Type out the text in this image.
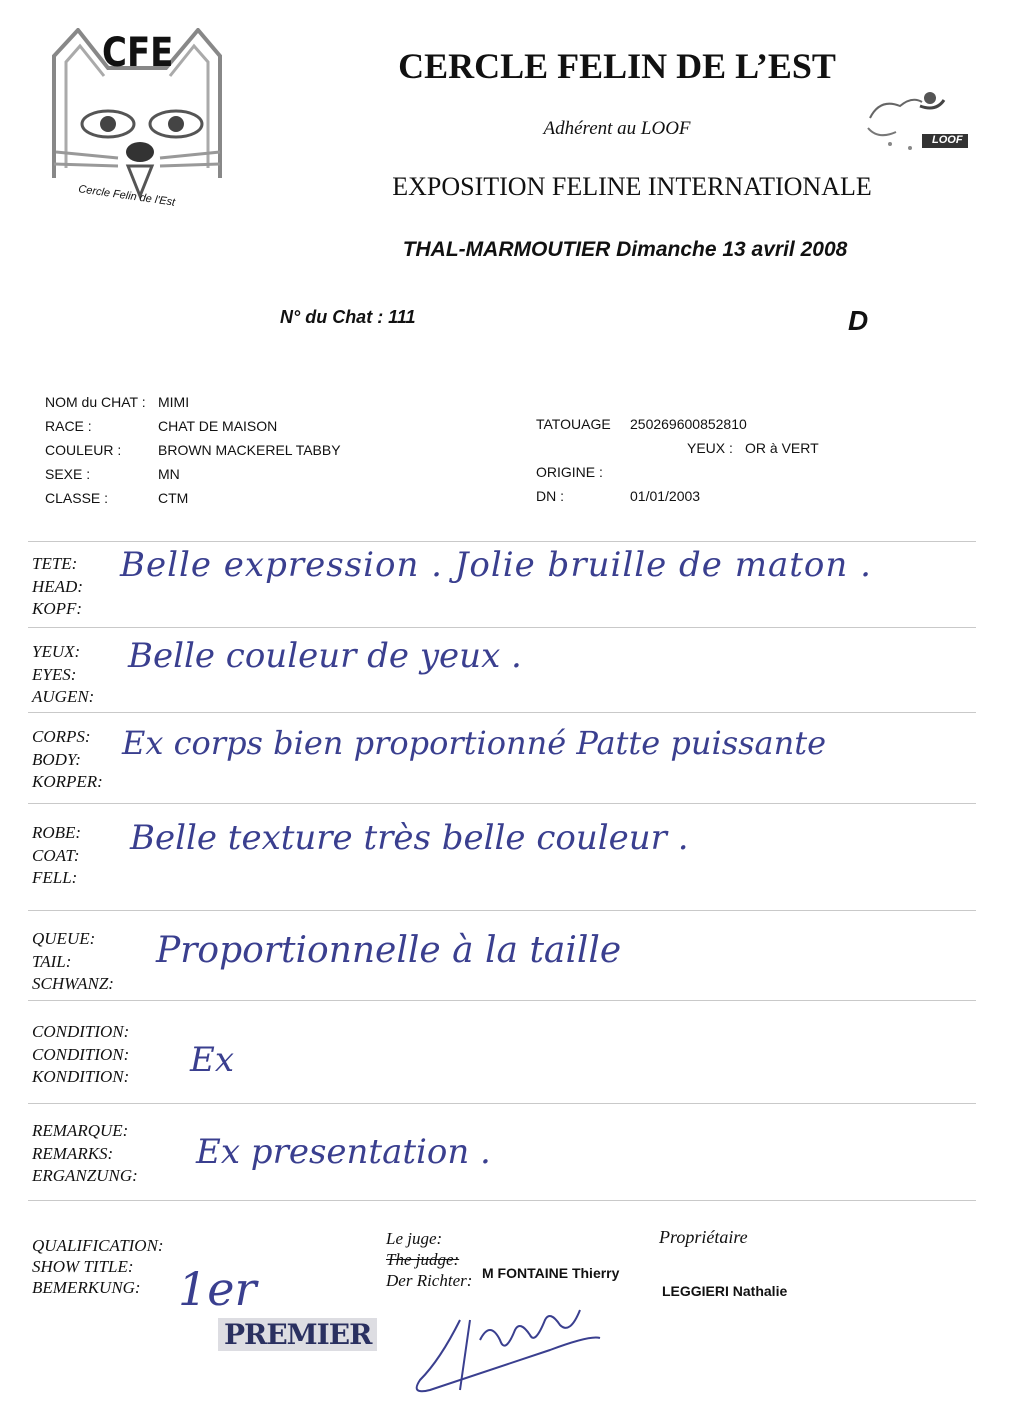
CFE
Cercle Felin de l'Est
CERCLE FELIN DE L’EST
Adhérent au LOOF
EXPOSITION FELINE INTERNATIONALE
THAL-MARMOUTIER Dimanche 13 avril 2008
LOOF
N° du Chat : 111	D
NOM du CHAT : MIMI
RACE :	CHAT DE MAISON
COULEUR :	BROWN MACKEREL TABBY
SEXE :	MN
CLASSE :	CTM
TATOUAGE 250269600852810
YEUX : OR à VERT
ORIGINE :
DN :	01/01/2003
TETE:
HEAD:
KOPF:
Belle expression . Jolie bruille de maton .
YEUX:
EYES:
AUGEN:
Belle couleur de yeux .
CORPS:
BODY:
KORPER:
Ex corps bien proportionné Patte puissante
ROBE:
COAT:
FELL:
Belle texture très belle couleur .
QUEUE:
TAIL:
SCHWANZ:
Proportionnelle à la taille
CONDITION:
CONDITION:
KONDITION: Ex
REMARQUE:
REMARKS:
ERGANZUNG:
Ex presentation .
QUALIFICATION:
SHOW TITLE:
BEMERKUNG: 1er
PREMIER
Le juge:
The judge:
Der Richter: M FONTAINE Thierry
Propriétaire
LEGGIERI Nathalie
